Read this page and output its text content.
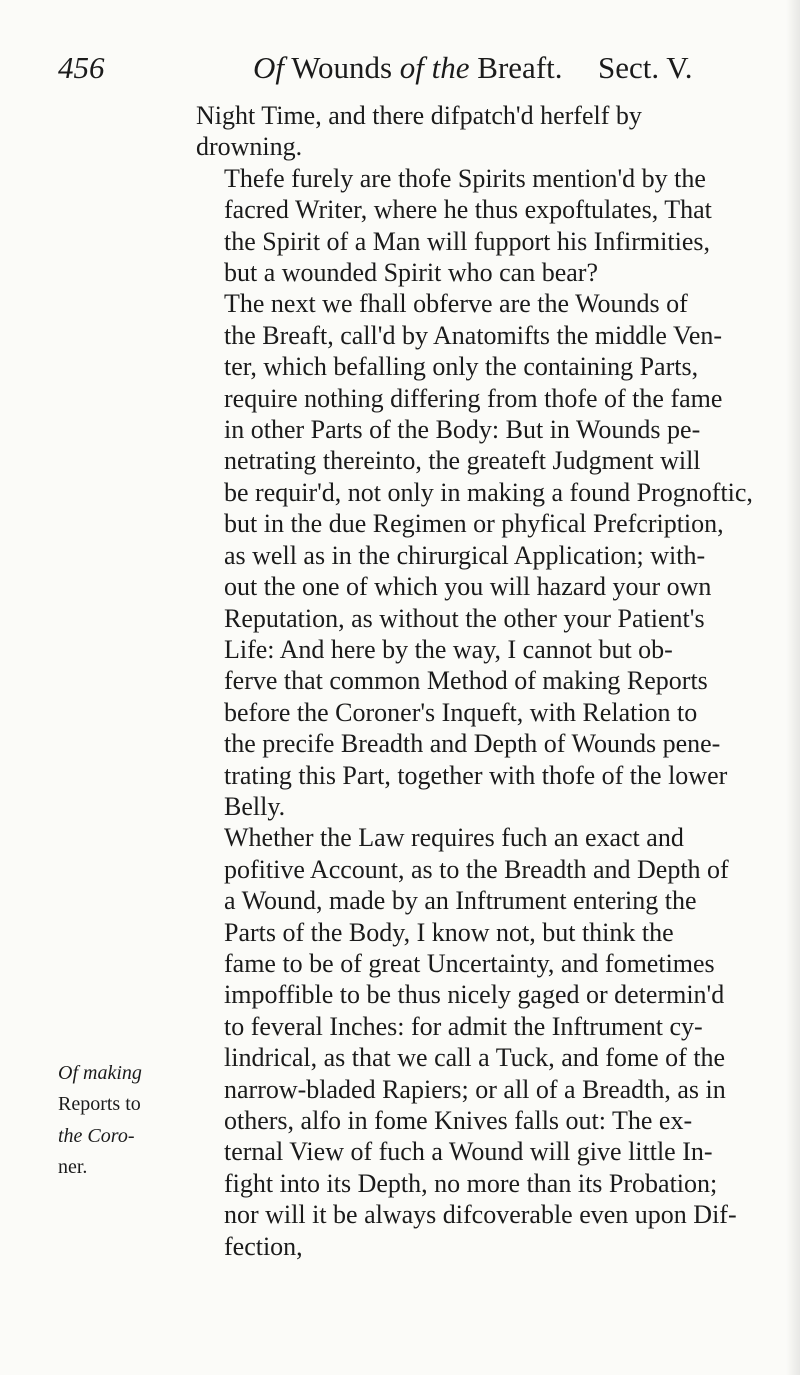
456	Of Wounds of the Breaft. Sect. V.

Night Time, and there difpatch'd herfelf by
drowning.

Thefe furely are thofe Spirits mention'd by the
facred Writer, where he thus expoftulates, That
the Spirit of a Man will fupport his Infirmities,
but a wounded Spirit who can bear?

The next we fhall obferve are the Wounds of
the Breaft, call'd by Anatomifts the middle Ven-
ter, which befalling only the containing Parts,
require nothing differing from thofe of the fame
in other Parts of the Body: But in Wounds pe-
netrating thereinto, the greateft Judgment will
be requir'd, not only in making a found Prognoftic,
but in the due Regimen or phyfical Prefcription,
as well as in the chirurgical Application; with-
out the one of which you will hazard your own
Reputation, as without the other your Patient's
Life: And here by the way, I cannot but ob-
ferve that common Method of making Reports
before the Coroner's Inqueft, with Relation to
the precife Breadth and Depth of Wounds pene-
trating this Part, together with thofe of the lower
Belly.

Whether the Law requires fuch an exact and
pofitive Account, as to the Breadth and Depth of
a Wound, made by an Inftrument entering the
Parts of the Body, I know not, but think the
fame to be of great Uncertainty, and fometimes
impoffible to be thus nicely gaged or determin'd
to feveral Inches: for admit the Inftrument cy-
lindrical, as that we call a Tuck, and fome of the
narrow-bladed Rapiers; or all of a Breadth, as in
others, alfo in fome Knives falls out: The ex-
ternal View of fuch a Wound will give little In-
fight into its Depth, no more than its Probation;
nor will it be always difcoverable even upon Dif-
fection,

Of making
Reports to
the Coro-
ner.
